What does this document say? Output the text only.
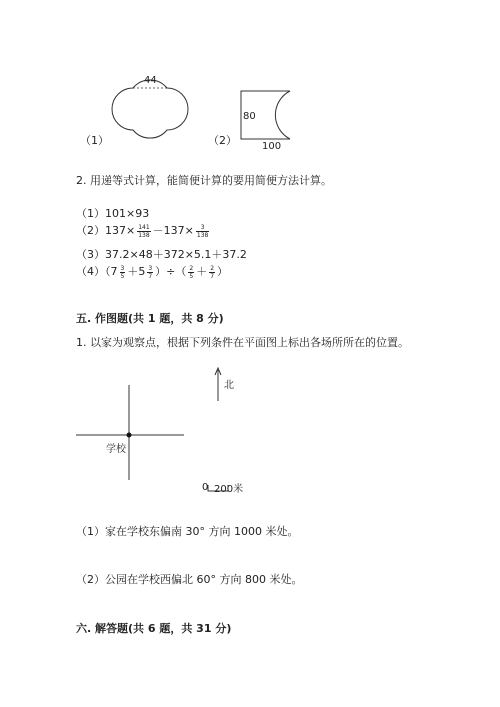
44
（1）
80
100
（2）
2. 用递等式计算，能简便计算的要用简便方法计算。
（1）101×93
$(2)137\times \frac{141}{138} -137\times \frac{3}{138}$
（3）37.2×48＋372×5.1＋37.2
$(4)(7 \frac{3}{5} +5 \frac{3}{7}$ ）÷（ $\frac{2}{5} + \frac{2}{7}$ ）
五. 作图题(共 1 题，共 8 分)
1. 以家为观察点，根据下列条件在平面图上标出各场所所在的位置。
北
学校
0 200米
（1）家在学校东偏南 30° 方向 1000 米处。
（2）公园在学校西偏北 60° 方向 800 米处。
六. 解答题(共 6 题，共 31 分)
